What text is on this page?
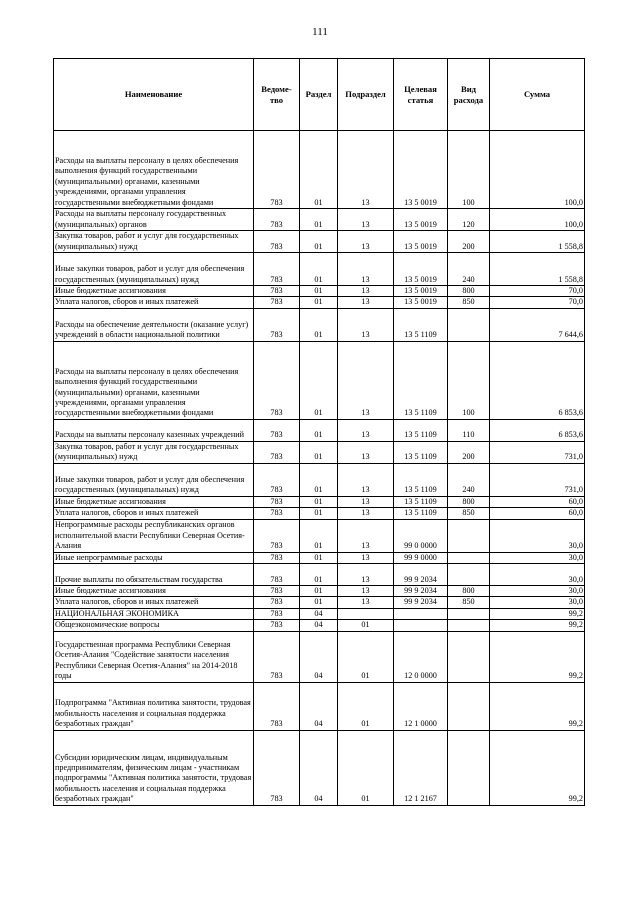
111
Наименование	Ведоме-тво	Раздел	Подраздел	Целевая статья	Вид расхода	Сумма
Расходы на выплаты персоналу в целях обеспечения выполнения функций государственными (муниципальными) органами, казенными учреждениями, органами управления государственными внебюджетными фондами	783	01	13	13 5 0019	100	100,0
Расходы на выплаты персоналу государственных (муниципальных) органов	783	01	13	13 5 0019	120	100,0
Закупка товаров, работ и услуг для государственных (муниципальных) нужд	783	01	13	13 5 0019	200	1 558,8
Иные закупки товаров, работ и услуг для обеспечения государственных (муниципальных) нужд	783	01	13	13 5 0019	240	1 558,8
Иные бюджетные ассигнования	783	01	13	13 5 0019	800	70,0
Уплата налогов, сборов и иных платежей	783	01	13	13 5 0019	850	70,0
Расходы на обеспечение деятельности (оказание услуг) учреждений в области национальной политики	783	01	13	13 5 1109		7 644,6
Расходы на выплаты персоналу в целях обеспечения выполнения функций государственными (муниципальными) органами, казенными учреждениями, органами управления государственными внебюджетными фондами	783	01	13	13 5 1109	100	6 853,6
Расходы на выплаты персоналу казенных учреждений	783	01	13	13 5 1109	110	6 853,6
Закупка товаров, работ и услуг для государственных (муниципальных) нужд	783	01	13	13 5 1109	200	731,0
Иные закупки товаров, работ и услуг для обеспечения государственных (муниципальных) нужд	783	01	13	13 5 1109	240	731,0
Иные бюджетные ассигнования	783	01	13	13 5 1109	800	60,0
Уплата налогов, сборов и иных платежей	783	01	13	13 5 1109	850	60,0
Непрограммные расходы республиканских органов исполнительной власти Республики Северная Осетия-Алания	783	01	13	99 0 0000		30,0
Иные непрограммные расходы	783	01	13	99 9 0000		30,0
Прочие выплаты по обязательствам государства	783	01	13	99 9 2034		30,0
Иные бюджетные ассигнования	783	01	13	99 9 2034	800	30,0
Уплата налогов, сборов и иных платежей	783	01	13	99 9 2034	850	30,0
НАЦИОНАЛЬНАЯ ЭКОНОМИКА	783	04				99,2
Общеэкономические вопросы	783	04	01			99,2
Государственная программа Республики Северная Осетия-Алания "Содействие занятости населения Республики Северная Осетия-Алания" на 2014-2018 годы	783	04	01	12 0 0000		99,2
Подпрограмма "Активная политика занятости, трудовая мобильность населения и социальная поддержка безработных граждан"	783	04	01	12 1 0000		99,2
Субсидии юридическим лицам, индивидуальным предпринимателям, физическим лицам - участникам подпрограммы "Активная политика занятости, трудовая мобильность населения и социальная поддержка безработных граждан"	783	04	01	12 1 2167		99,2
